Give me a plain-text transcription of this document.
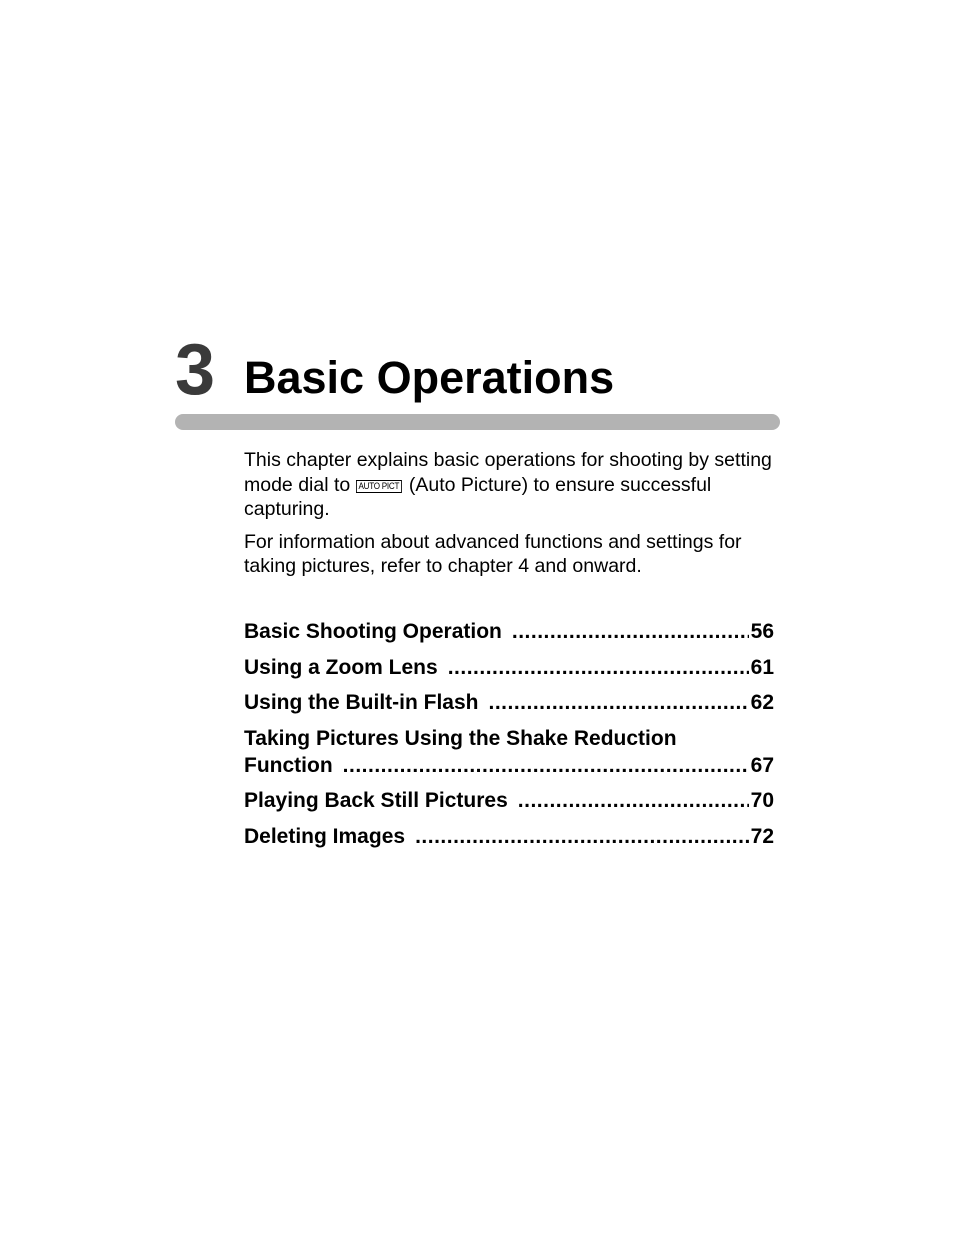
3 Basic Operations

This chapter explains basic operations for shooting by setting mode dial to AUTO PICT (Auto Picture) to ensure successful capturing.

For information about advanced functions and settings for taking pictures, refer to chapter 4 and onward.

Basic Shooting Operation .....	56
Using a Zoom Lens .....	61
Using the Built-in Flash .....	62
Taking Pictures Using the Shake Reduction
Function .....	67
Playing Back Still Pictures .....	70
Deleting Images .....	72
